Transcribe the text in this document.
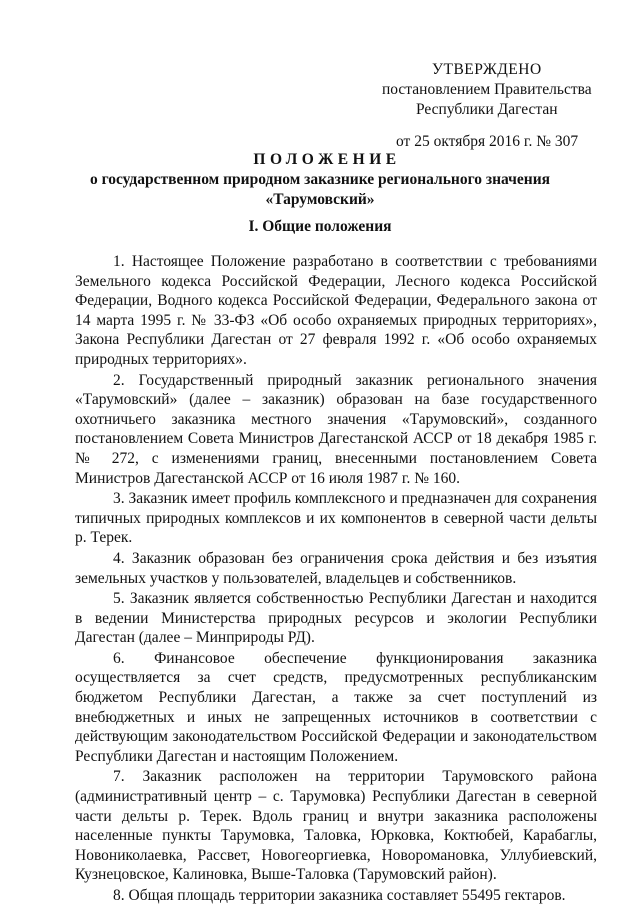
УТВЕРЖДЕНО
постановлением Правительства
Республики Дагестан
от 25 октября 2016 г. № 307
ПОЛОЖЕНИЕ
о государственном природном заказнике регионального значения
«Тарумовский»
I. Общие положения

1. Настоящее Положение разработано в соответствии с требованиями Земельного кодекса Российской Федерации, Лесного кодекса Российской Федерации, Водного кодекса Российской Федерации, Федерального закона от 14 марта 1995 г. № 33-ФЗ «Об особо охраняемых природных территориях», Закона Республики Дагестан от 27 февраля 1992 г. «Об особо охраняемых природных территориях».

2. Государственный природный заказник регионального значения «Тарумовский» (далее – заказник) образован на базе государственного охотничьего заказника местного значения «Тарумовский», созданного постановлением Совета Министров Дагестанской АССР от 18 декабря 1985 г. № 272, с изменениями границ, внесенными постановлением Совета Министров Дагестанской АССР от 16 июля 1987 г. № 160.

3. Заказник имеет профиль комплексного и предназначен для сохранения типичных природных комплексов и их компонентов в северной части дельты р. Терек.

4. Заказник образован без ограничения срока действия и без изъятия земельных участков у пользователей, владельцев и собственников.

5. Заказник является собственностью Республики Дагестан и находится в ведении Министерства природных ресурсов и экологии Республики Дагестан (далее – Минприроды РД).

6. Финансовое обеспечение функционирования заказника осуществляется за счет средств, предусмотренных республиканским бюджетом Республики Дагестан, а также за счет поступлений из внебюджетных и иных не запрещенных источников в соответствии с действующим законодательством Российской Федерации и законодательством Республики Дагестан и настоящим Положением.

7. Заказник расположен на территории Тарумовского района (административный центр – с. Тарумовка) Республики Дагестан в северной части дельты р. Терек. Вдоль границ и внутри заказника расположены населенные пункты Тарумовка, Таловка, Юрковка, Коктюбей, Карабаглы, Новониколаевка, Рассвет, Новогеоргиевка, Новоромановка, Уллубиевский, Кузнецовское, Калиновка, Выше-Таловка (Тарумовский район).

8. Общая площадь территории заказника составляет 55495 гектаров.
